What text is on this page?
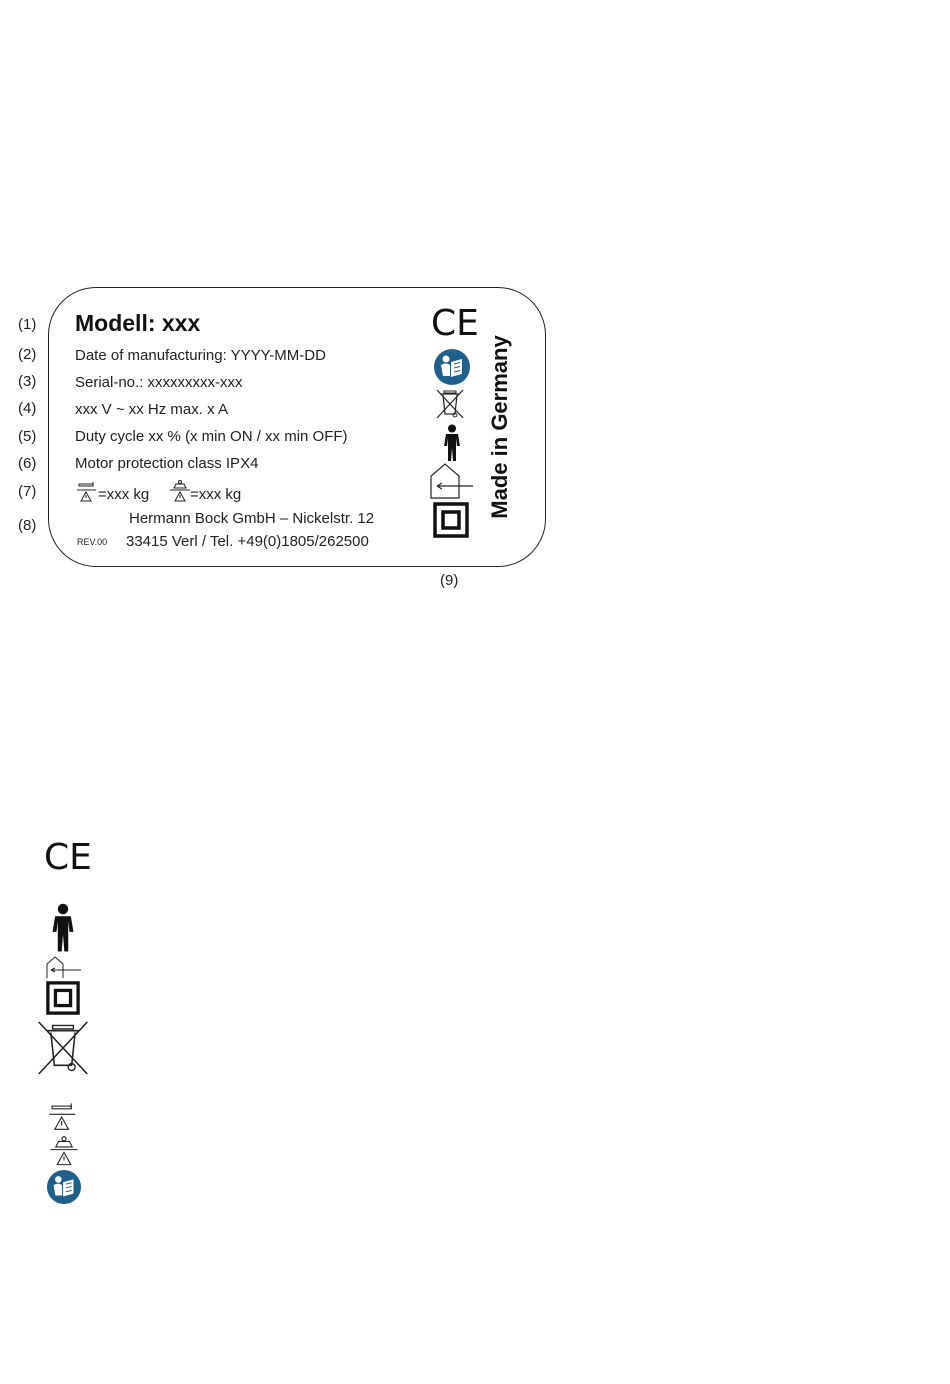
(1)
(2)
(3)
(4)
(5)
(6)
(7)
(8)
Modell: xxx
Date of manufacturing: YYYY-MM-DD
Serial-no.: xxxxxxxxx-xxx
xxx V ~ xx Hz max. x A
Duty cycle xx % (x min ON / xx min OFF)
Motor protection class IPX4
=xxx kg	=xxx kg
Hermann Bock GmbH – Nickelstr. 12
REV.00 33415 Verl / Tel. +49(0)1805/262500
CE
Made in Germany
(9)
CE
